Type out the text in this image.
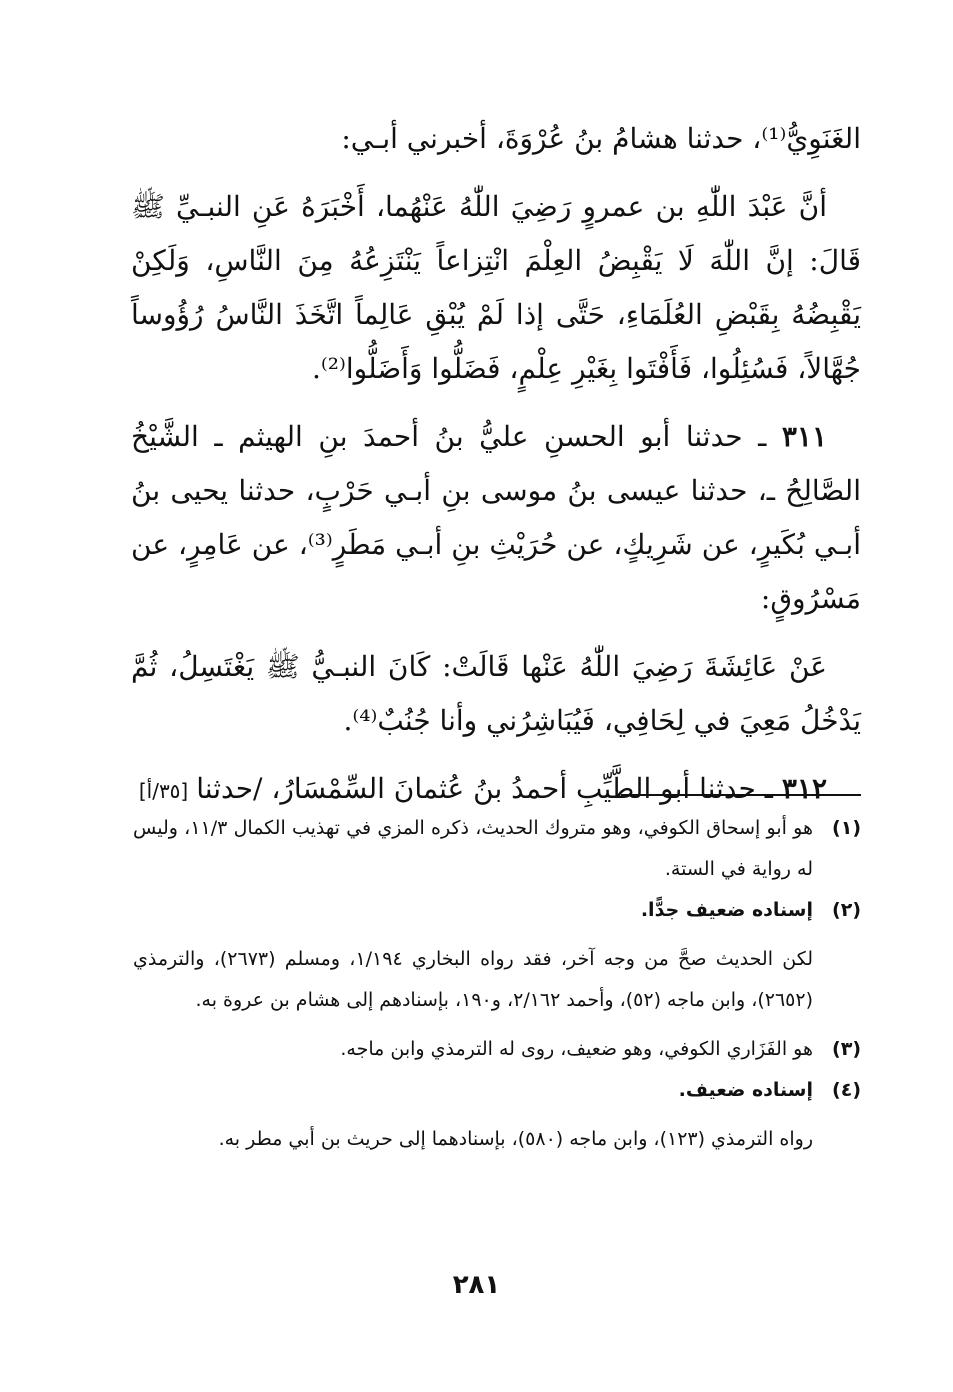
الغَنَوِيُّ⁽¹⁾، حدثنا هشامُ بنُ عُرْوَةَ، أخبرني أبـي:

أنَّ عَبْدَ اللّٰهِ بن عمروٍ رَضِيَ اللّٰهُ عَنْهُما، أَخْبَرَهُ عَنِ النبـيِّ ﷺ قَالَ: إنَّ اللّٰهَ لَا يَقْبِضُ العِلْمَ انْتِزاعاً يَنْتَزِعُهُ مِنَ النَّاسِ، وَلَكِنْ يَقْبِضُهُ بِقَبْضِ العُلَمَاءِ، حَتَّى إذا لَمْ يُبْقِ عَالِماً اتَّخَذَ النَّاسُ رُؤُوساً جُهَّالاً، فَسُئِلُوا، فَأَفْتَوا بِغَيْرِ عِلْمٍ، فَضَلُّوا وَأَضَلُّوا⁽²⁾.

٣١١ ـ حدثنا أبو الحسنِ عليُّ بنُ أحمدَ بنِ الهيثم ـ الشَّيْخُ الصَّالِحُ ـ، حدثنا عيسى بنُ موسى بنِ أبـي حَرْبٍ، حدثنا يحيى بنُ أبـي بُكَيرٍ، عن شَرِيكٍ، عن حُرَيْثِ بنِ أبـي مَطَرٍ⁽³⁾، عن عَامِرٍ، عن مَسْرُوقٍ:

عَنْ عَائِشَةَ رَضِيَ اللّٰهُ عَنْها قَالَتْ: كَانَ النبـيُّ ﷺ يَغْتَسِلُ، ثُمَّ يَدْخُلُ مَعِيَ في لِحَافِي، فَيُبَاشِرُني وأنا جُنُبٌ⁽⁴⁾.

٣١٢ ـ حدثنا أبو الطَّيِّبِ أحمدُ بنُ عُثمانَ السِّمْسَارُ، /حدثنا[٣٥/أ]

(١)
هو أبو إسحاق الكوفي، وهو متروك الحديث، ذكره المزي في تهذيب الكمال ١١/٣، وليس له رواية في الستة.
(٢)
إسناده ضعيف جدًّا.
لكن الحديث صحَّ من وجه آخر، فقد رواه البخاري ١/١٩٤، ومسلم (٢٦٧٣)، والترمذي (٢٦٥٢)، وابن ماجه (٥٢)، وأحمد ٢/١٦٢، و١٩٠، بإسنادهم إلى هشام بن عروة به.
(٣)
هو الفَزَاري الكوفي، وهو ضعيف، روى له الترمذي وابن ماجه.
(٤)
إسناده ضعيف.
رواه الترمذي (١٢٣)، وابن ماجه (٥٨٠)، بإسنادهما إلى حريث بن أبي مطر به.
٢٨١
